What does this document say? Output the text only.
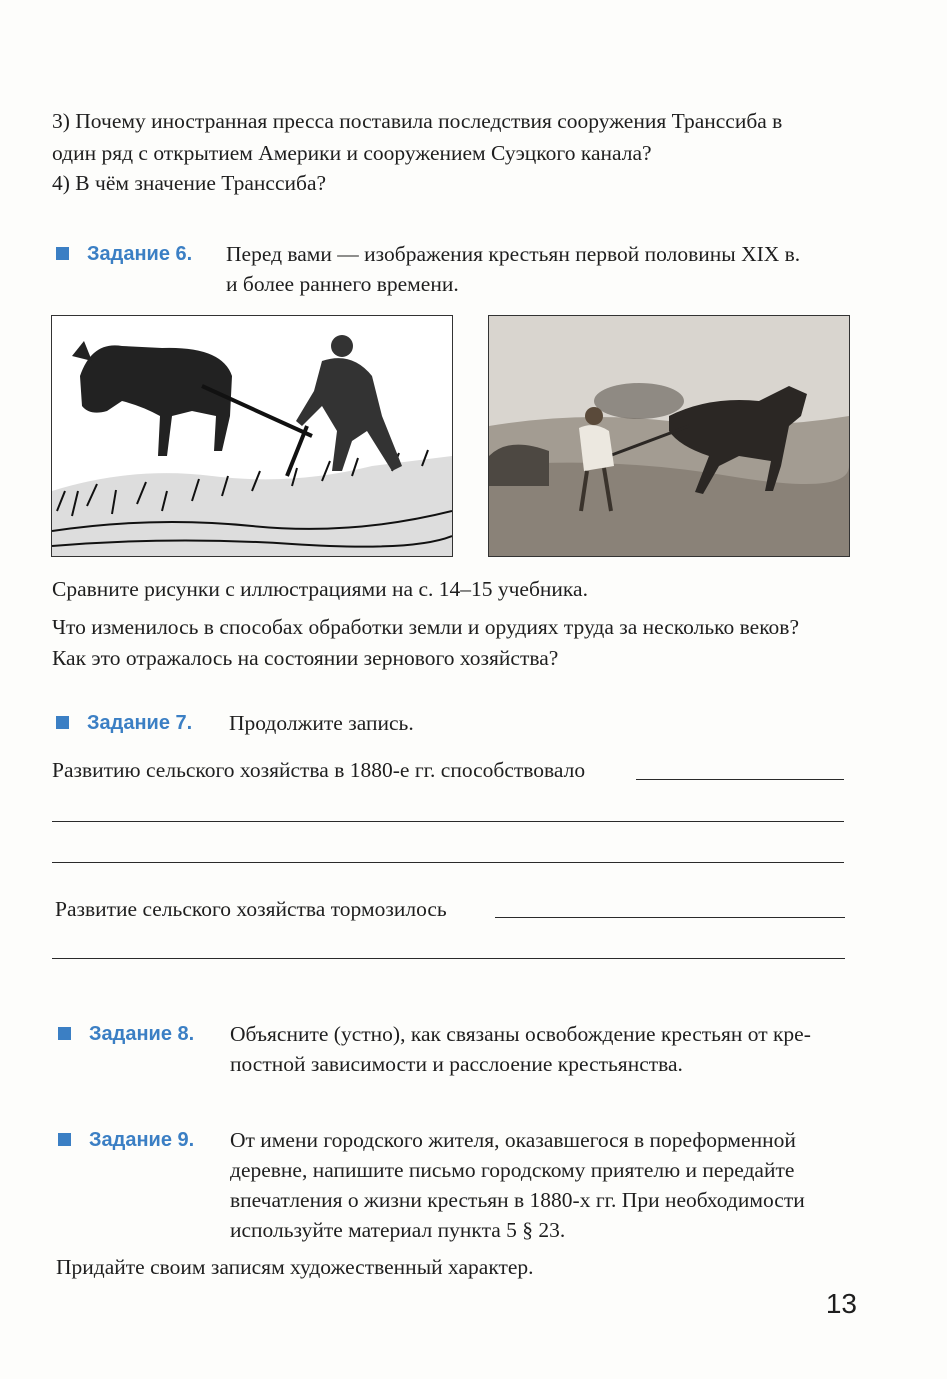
3) Почему иностранная пресса поставила последствия сооружения Транссиба в
один ряд с открытием Америки и сооружением Суэцкого канала?
4) В чём значение Транссиба?
Задание 6.	Перед вами — изображения крестьян первой половины XIX в.
и более раннего времени.
Сравните рисунки с иллюстрациями на с. 14–15 учебника.
Что изменилось в способах обработки земли и орудиях труда за несколько веков?
Как это отражалось на состоянии зернового хозяйства?
Задание 7.	Продолжите запись.
Развитию сельского хозяйства в 1880-е гг. способствовало
Развитие сельского хозяйства тормозилось
Задание 8.	Объясните (устно), как связаны освобождение крестьян от кре-
постной зависимости и расслоение крестьянства.
Задание 9.	От имени городского жителя, оказавшегося в пореформенной
деревне, напишите письмо городскому приятелю и передайте
впечатления о жизни крестьян в 1880-х гг. При необходимости
используйте материал пункта 5 § 23.
Придайте своим записям художественный характер.
13
